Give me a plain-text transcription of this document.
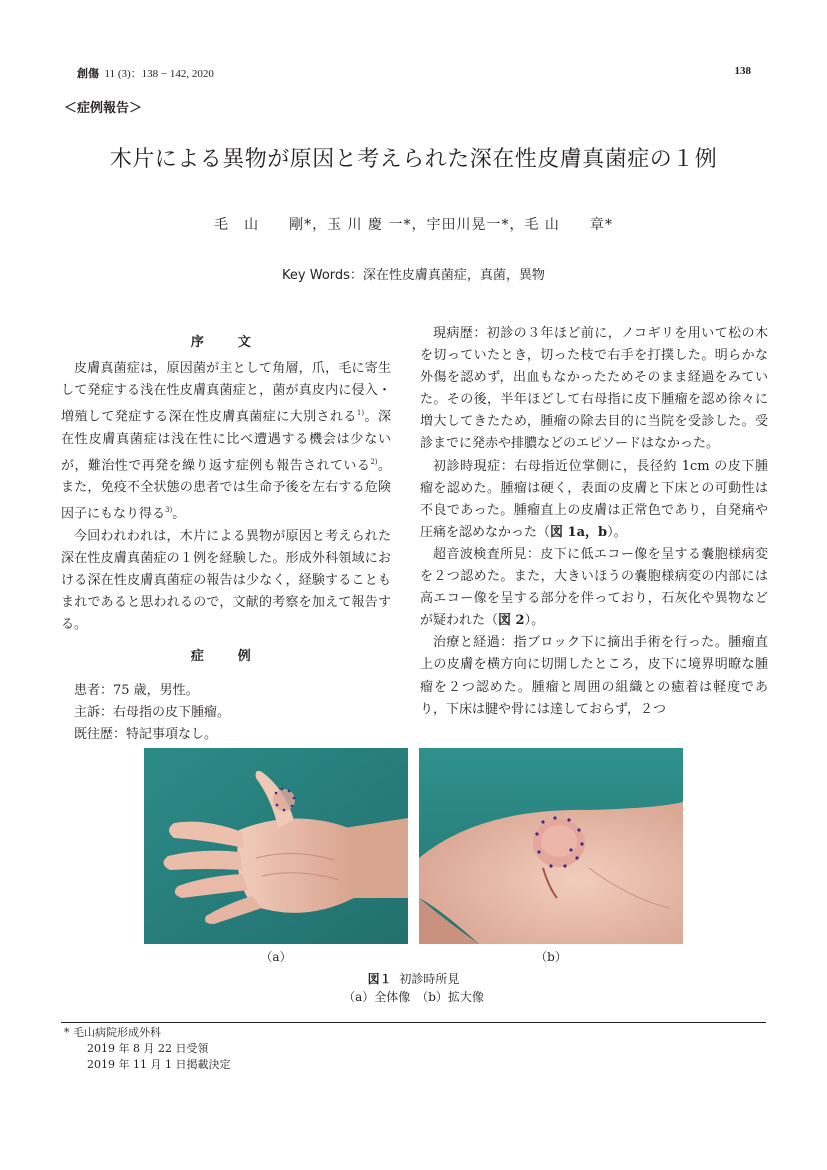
創傷 11 (3)：138 − 142, 2020	138
＜症例報告＞
木片による異物が原因と考えられた深在性皮膚真菌症の１例
毛　山　　剛*，玉 川 慶 一*，宇田川晃一*，毛 山　　章*
Key Words：深在性皮膚真菌症，真菌，異物
序　文

皮膚真菌症は，原因菌が主として角層，爪，毛に寄生して発症する浅在性皮膚真菌症と，菌が真皮内に侵入・増殖して発症する深在性皮膚真菌症に大別される$^{1)}$。深在性皮膚真菌症は浅在性に比べ遭遇する機会は少ないが，難治性で再発を繰り返す症例も報告されている$^{2)}$。また，免疫不全状態の患者では生命予後を左右する危険因子にもなり得る$^{3)}$。

今回われわれは，木片による異物が原因と考えられた深在性皮膚真菌症の１例を経験した。形成外科領域における深在性皮膚真菌症の報告は少なく，経験することもまれであると思われるので，文献的考察を加えて報告する。

症　例

患者：75 歳，男性。

主訴：右母指の皮下腫瘤。

既往歴：特記事項なし。

現病歴：初診の３年ほど前に，ノコギリを用いて松の木を切っていたとき，切った枝で右手を打撲した。明らかな外傷を認めず，出血もなかったためそのまま経過をみていた。その後，半年ほどして右母指に皮下腫瘤を認め徐々に増大してきたため，腫瘤の除去目的に当院を受診した。受診までに発赤や排膿などのエピソードはなかった。

初診時現症：右母指近位掌側に，長径約 1cm の皮下腫瘤を認めた。腫瘤は硬く，表面の皮膚と下床との可動性は不良であった。腫瘤直上の皮膚は正常色であり，自発痛や圧痛を認めなかった（図 1a，b）。

超音波検査所見：皮下に低エコー像を呈する嚢胞様病変を２つ認めた。また，大きいほうの嚢胞様病変の内部には高エコー像を呈する部分を伴っており，石灰化や異物などが疑われた（図 2）。

治療と経過：指ブロック下に摘出手術を行った。腫瘤直上の皮膚を横方向に切開したところ，皮下に境界明瞭な腫瘤を２つ認めた。腫瘤と周囲の組織との癒着は軽度であり，下床は腱や骨には達しておらず，２つ

（a）	（b）
図１ 初診時所見
（a）全体像　（b）拡大像
* 毛山病院形成外科
2019 年 8 月 22 日受領
2019 年 11 月 1 日掲載決定
